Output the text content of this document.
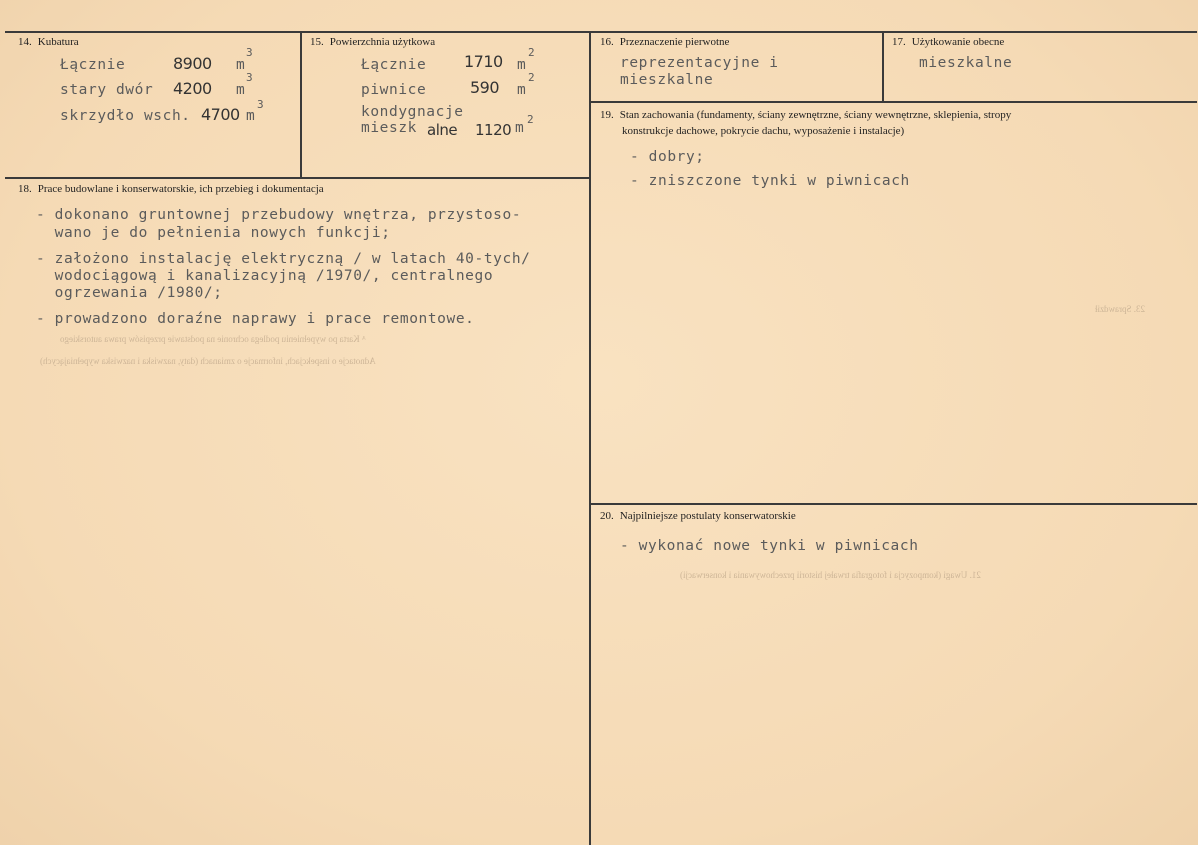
ᴬ Karta po wypełnieniu podlega ochronie na podstawie przepisów prawa autorskiego
Adnotacje o inspekcjach, informacje o zmianach (daty, nazwiska i nazwiska wypełniających)
21. Uwagi (kompozycja i fotografia trwałej historii przechowywania i konserwacji)
23. Sprawdził
14. Kubatura
Łącznie	8900 m
3
stary dwór 4200 m
3
skrzydło wsch. 4700 m
3
15. Powierzchnia użytkowa
Łącznie 1710 m
2
piwnice	590 m
2
kondygnacje
mieszk alne 1120 m
2
16. Przeznaczenie pierwotne
reprezentacyjne i
mieszkalne
17. Użytkowanie obecne
mieszkalne
18. Prace budowlane i konserwatorskie, ich przebieg i dokumentacja
- dokonano gruntownej przebudowy wnętrza, przystoso-
wano je do pełnienia nowych funkcji;
- założono instalację elektryczną / w latach 40-tych/
wodociągową i kanalizacyjną /1970/, centralnego
ogrzewania /1980/;
- prowadzono doraźne naprawy i prace remontowe.
19. Stan zachowania (fundamenty, ściany zewnętrzne, ściany wewnętrzne, sklepienia, stropy
konstrukcje dachowe, pokrycie dachu, wyposażenie i instalacje)
- dobry;
- zniszczone tynki w piwnicach
20. Najpilniejsze postulaty konserwatorskie
- wykonać nowe tynki w piwnicach
